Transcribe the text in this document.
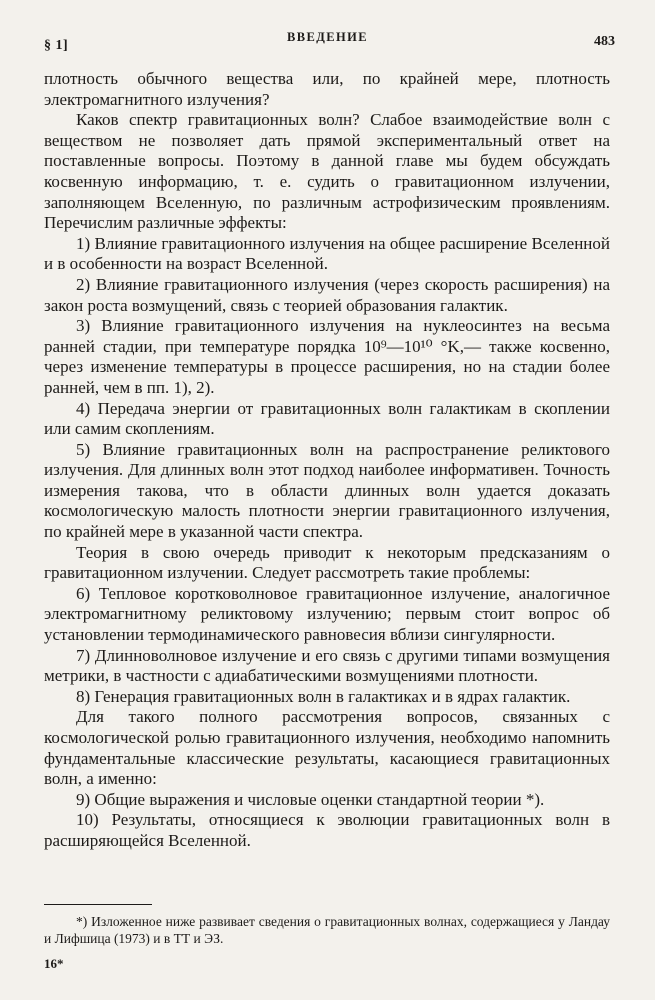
§ 1]
ВВЕДЕНИЕ	483

плотность обычного вещества или, по крайней мере, плотность электромагнитного излучения?

Каков спектр гравитационных волн? Слабое взаимодействие волн с веществом не позволяет дать прямой экспериментальный ответ на поставленные вопросы. Поэтому в данной главе мы будем обсуждать косвенную информацию, т. е. судить о гравитационном излучении, заполняющем Вселенную, по различным астрофизическим проявлениям. Перечислим различные эффекты:

1) Влияние гравитационного излучения на общее расширение Вселенной и в особенности на возраст Вселенной.

2) Влияние гравитационного излучения (через скорость расширения) на закон роста возмущений, связь с теорией образования галактик.

3) Влияние гравитационного излучения на нуклеосинтез на весьма ранней стадии, при температуре порядка 10⁹—10¹⁰ °K,— также косвенно, через изменение температуры в процессе расширения, но на стадии более ранней, чем в пп. 1), 2).

4) Передача энергии от гравитационных волн галактикам в скоплении или самим скоплениям.

5) Влияние гравитационных волн на распространение реликтового излучения. Для длинных волн этот подход наиболее информативен. Точность измерения такова, что в области длинных волн удается доказать космологическую малость плотности энергии гравитационного излучения, по крайней мере в указанной части спектра.

Теория в свою очередь приводит к некоторым предсказаниям о гравитационном излучении. Следует рассмотреть такие проблемы:

6) Тепловое коротковолновое гравитационное излучение, аналогичное электромагнитному реликтовому излучению; первым стоит вопрос об установлении термодинамического равновесия вблизи сингулярности.

7) Длинноволновое излучение и его связь с другими типами возмущения метрики, в частности с адиабатическими возмущениями плотности.

8) Генерация гравитационных волн в галактиках и в ядрах галактик.

Для такого полного рассмотрения вопросов, связанных с космологической ролью гравитационного излучения, необходимо напомнить фундаментальные классические результаты, касающиеся гравитационных волн, а именно:

9) Общие выражения и числовые оценки стандартной теории *).

10) Результаты, относящиеся к эволюции гравитационных волн в расширяющейся Вселенной.

*) Изложенное ниже развивает сведения о гравитационных волнах, содержащиеся у Ландау и Лифшица (1973) и в ТТ и ЭЗ.
16*
